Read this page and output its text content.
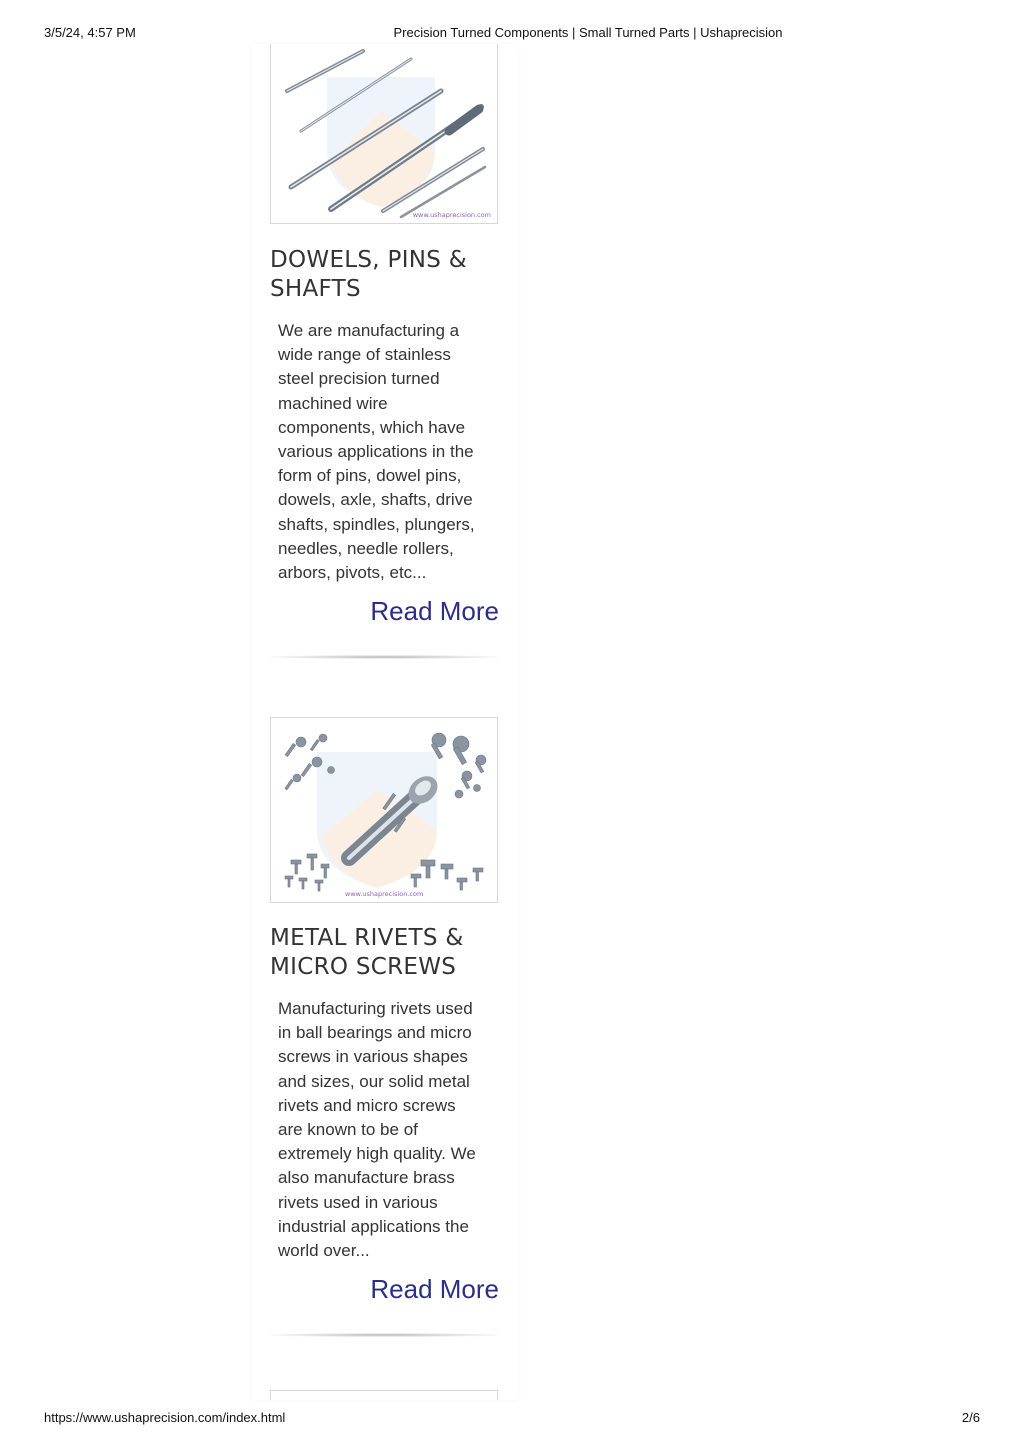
3/5/24, 4:57 PM	Precision Turned Components | Small Turned Parts | Ushaprecision
www.ushaprecision.com
DOWELS, PINS &
SHAFTS

We are manufacturing a
wide range of stainless
steel precision turned
machined wire
components, which have
various applications in the
form of pins, dowel pins,
dowels, axle, shafts, drive
shafts, spindles, plungers,
needles, needle rollers,
arbors, pivots, etc...

Read More
www.ushaprecision.com
METAL RIVETS &
MICRO SCREWS

Manufacturing rivets used
in ball bearings and micro
screws in various shapes
and sizes, our solid metal
rivets and micro screws
are known to be of
extremely high quality. We
also manufacture brass
rivets used in various
industrial applications the
world over...

Read More
https://www.ushaprecision.com/index.html	2/6
